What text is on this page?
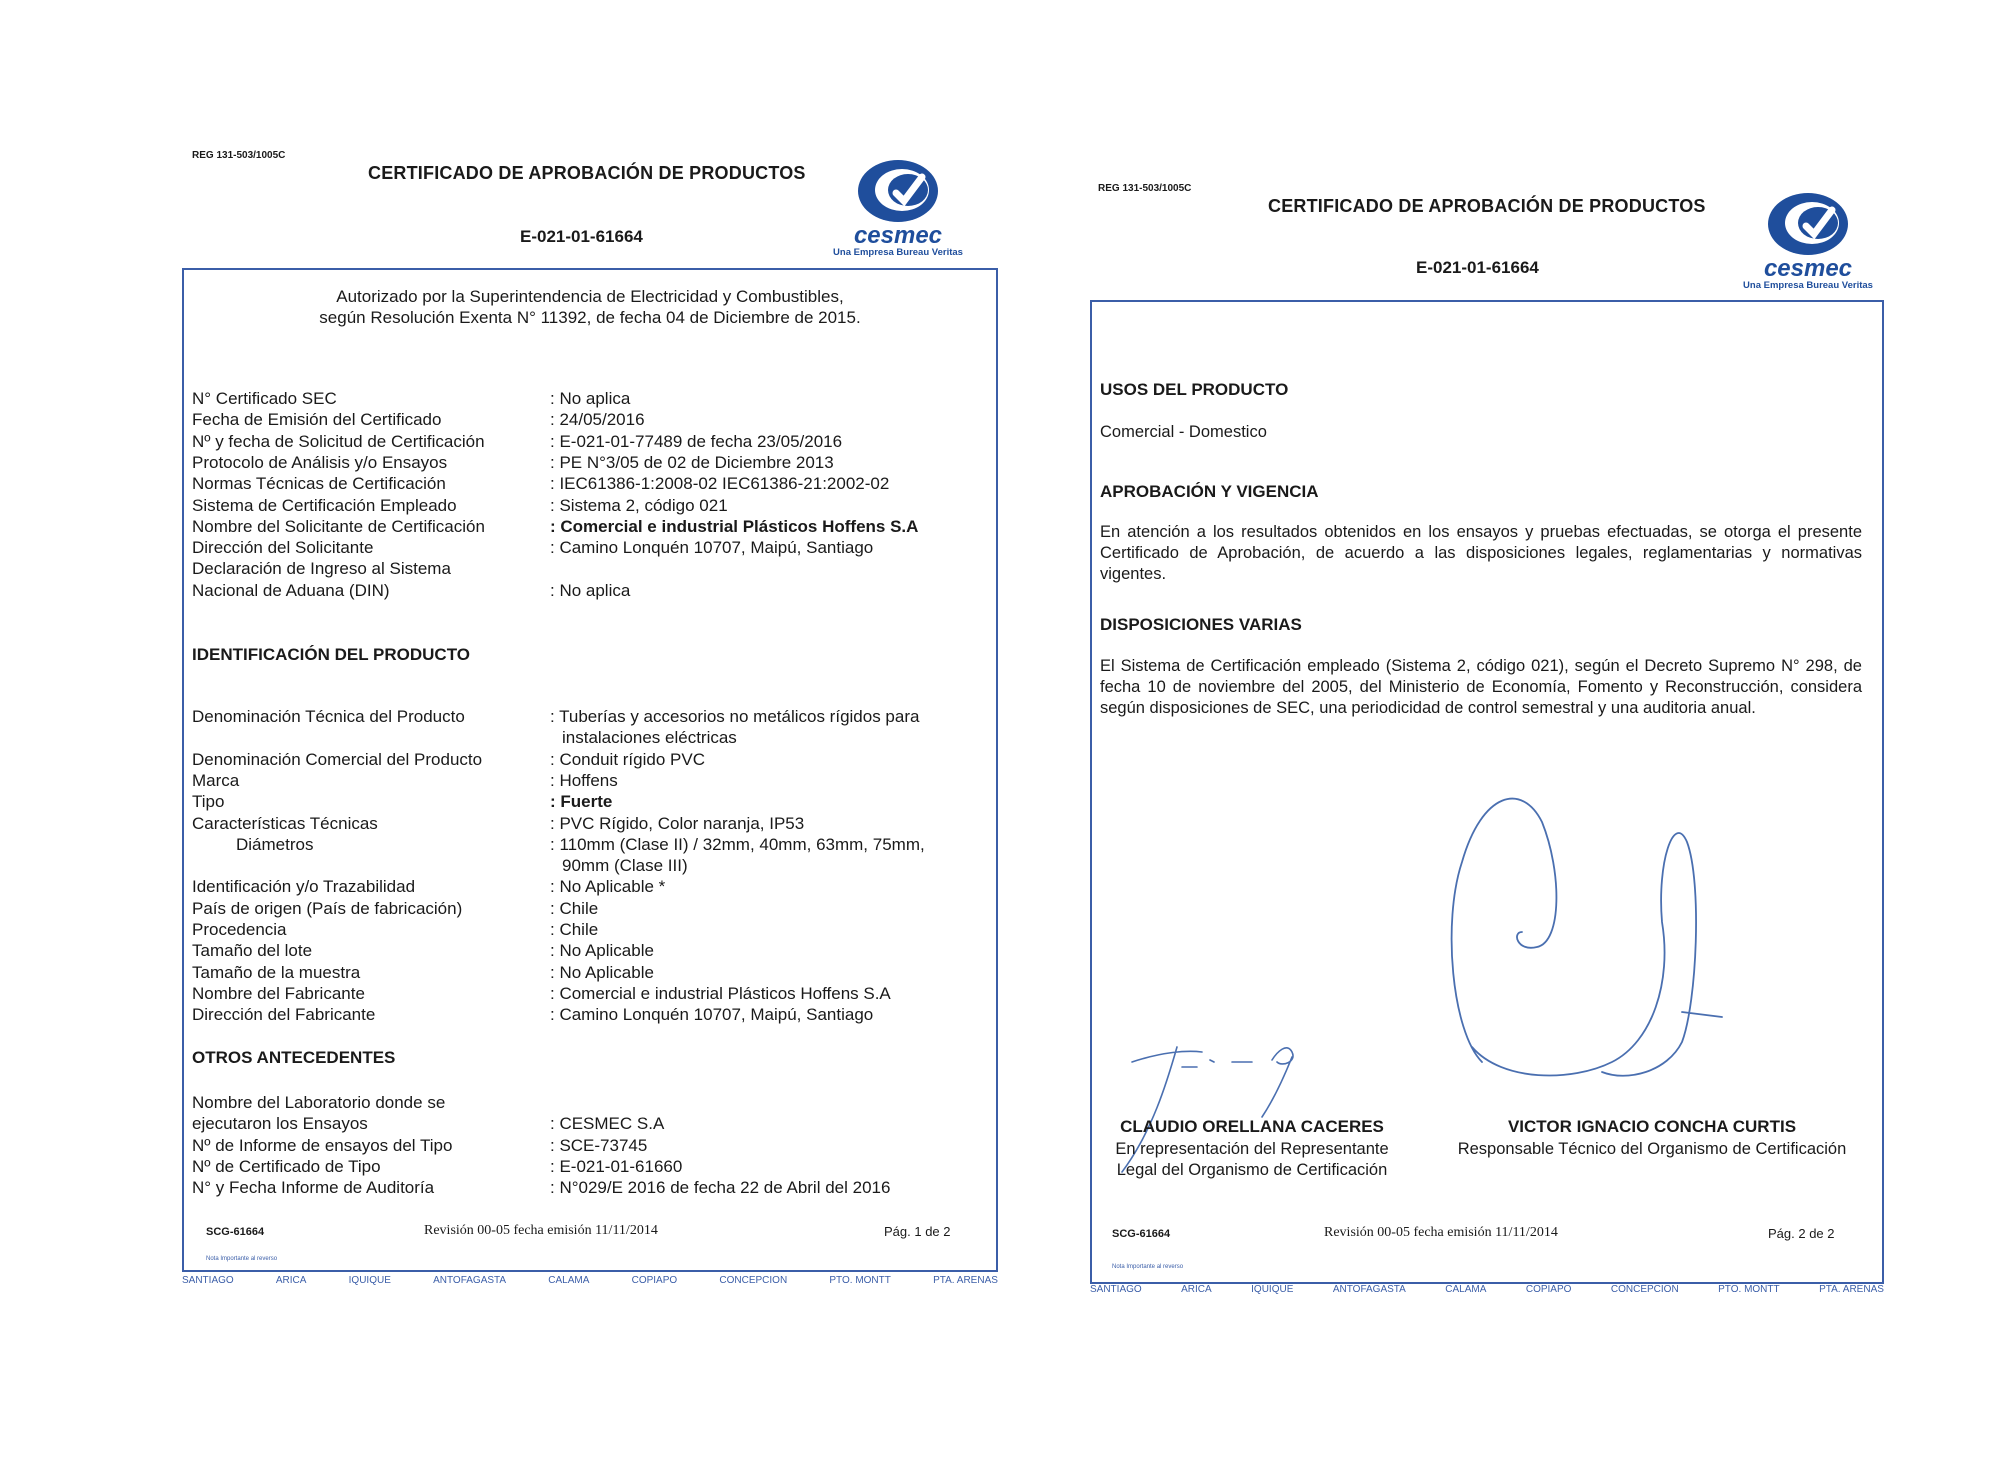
REG 131-503/1005C
CERTIFICADO DE APROBACIÓN DE PRODUCTOS
E-021-01-61664	cesmec
Una Empresa Bureau Veritas
Autorizado por la Superintendencia de Electricidad y Combustibles,
según Resolución Exenta N° 11392, de fecha 04 de Diciembre de 2015.
N° Certificado SEC	: No aplica
Fecha de Emisión del Certificado	: 24/05/2016
Nº y fecha de Solicitud de Certificación	: E-021-01-77489 de fecha 23/05/2016
Protocolo de Análisis y/o Ensayos	: PE N°3/05 de 02 de Diciembre 2013
Normas Técnicas de Certificación	: IEC61386-1:2008-02 IEC61386-21:2002-02
Sistema de Certificación Empleado	: Sistema 2, código 021
Nombre del Solicitante de Certificación	: Comercial e industrial Plásticos Hoffens S.A
Dirección del Solicitante	: Camino Lonquén 10707, Maipú, Santiago
Declaración de Ingreso al Sistema
Nacional de Aduana (DIN)	: No aplica
IDENTIFICACIÓN DEL PRODUCTO
Denominación Técnica del Producto	: Tuberías y accesorios no metálicos rígidos para
instalaciones eléctricas
Denominación Comercial del Producto	: Conduit rígido PVC
Marca	: Hoffens
Tipo	: Fuerte
Características Técnicas	: PVC Rígido, Color naranja, IP53
Diámetros	: 110mm (Clase II) / 32mm, 40mm, 63mm, 75mm,
90mm (Clase III)
Identificación y/o Trazabilidad	: No Aplicable *
País de origen (País de fabricación)	: Chile
Procedencia	: Chile
Tamaño del lote	: No Aplicable
Tamaño de la muestra	: No Aplicable
Nombre del Fabricante	: Comercial e industrial Plásticos Hoffens S.A
Dirección del Fabricante	: Camino Lonquén 10707, Maipú, Santiago
OTROS ANTECEDENTES
Nombre del Laboratorio donde se
ejecutaron los Ensayos	: CESMEC S.A
Nº de Informe de ensayos del Tipo	: SCE-73745
Nº de Certificado de Tipo	: E-021-01-61660
N° y Fecha Informe de Auditoría	: N°029/E 2016 de fecha 22 de Abril del 2016
SCG-61664	Revisión 00-05 fecha emisión 11/11/2014	Pág. 1 de 2
Nota Importante al reverso
SANTIAGO	ARICA	IQUIQUE	ANTOFAGASTA	CALAMA	COPIAPO	CONCEPCION	PTO. MONTT	PTA. ARENAS
REG 131-503/1005C
CERTIFICADO DE APROBACIÓN DE PRODUCTOS
E-021-01-61664	cesmec
Una Empresa Bureau Veritas
USOS DEL PRODUCTO
Comercial - Domestico
APROBACIÓN Y VIGENCIA
En atención a los resultados obtenidos en los ensayos y pruebas efectuadas, se otorga el presente Certificado de Aprobación, de acuerdo a las disposiciones legales, reglamentarias y normativas vigentes.
DISPOSICIONES VARIAS
El Sistema de Certificación empleado (Sistema 2, código 021), según el Decreto Supremo N° 298, de fecha 10 de noviembre del 2005, del Ministerio de Economía, Fomento y Reconstrucción, considera según disposiciones de SEC, una periodicidad de control semestral y una auditoria anual.
CLAUDIO ORELLANA CACERES
En representación del Representante
Legal del Organismo de Certificación
VICTOR IGNACIO CONCHA CURTIS
Responsable Técnico del Organismo de Certificación
SCG-61664	Revisión 00-05 fecha emisión 11/11/2014	Pág. 2 de 2
Nota Importante al reverso
SANTIAGO	ARICA	IQUIQUE	ANTOFAGASTA	CALAMA	COPIAPO	CONCEPCION	PTO. MONTT	PTA. ARENAS
